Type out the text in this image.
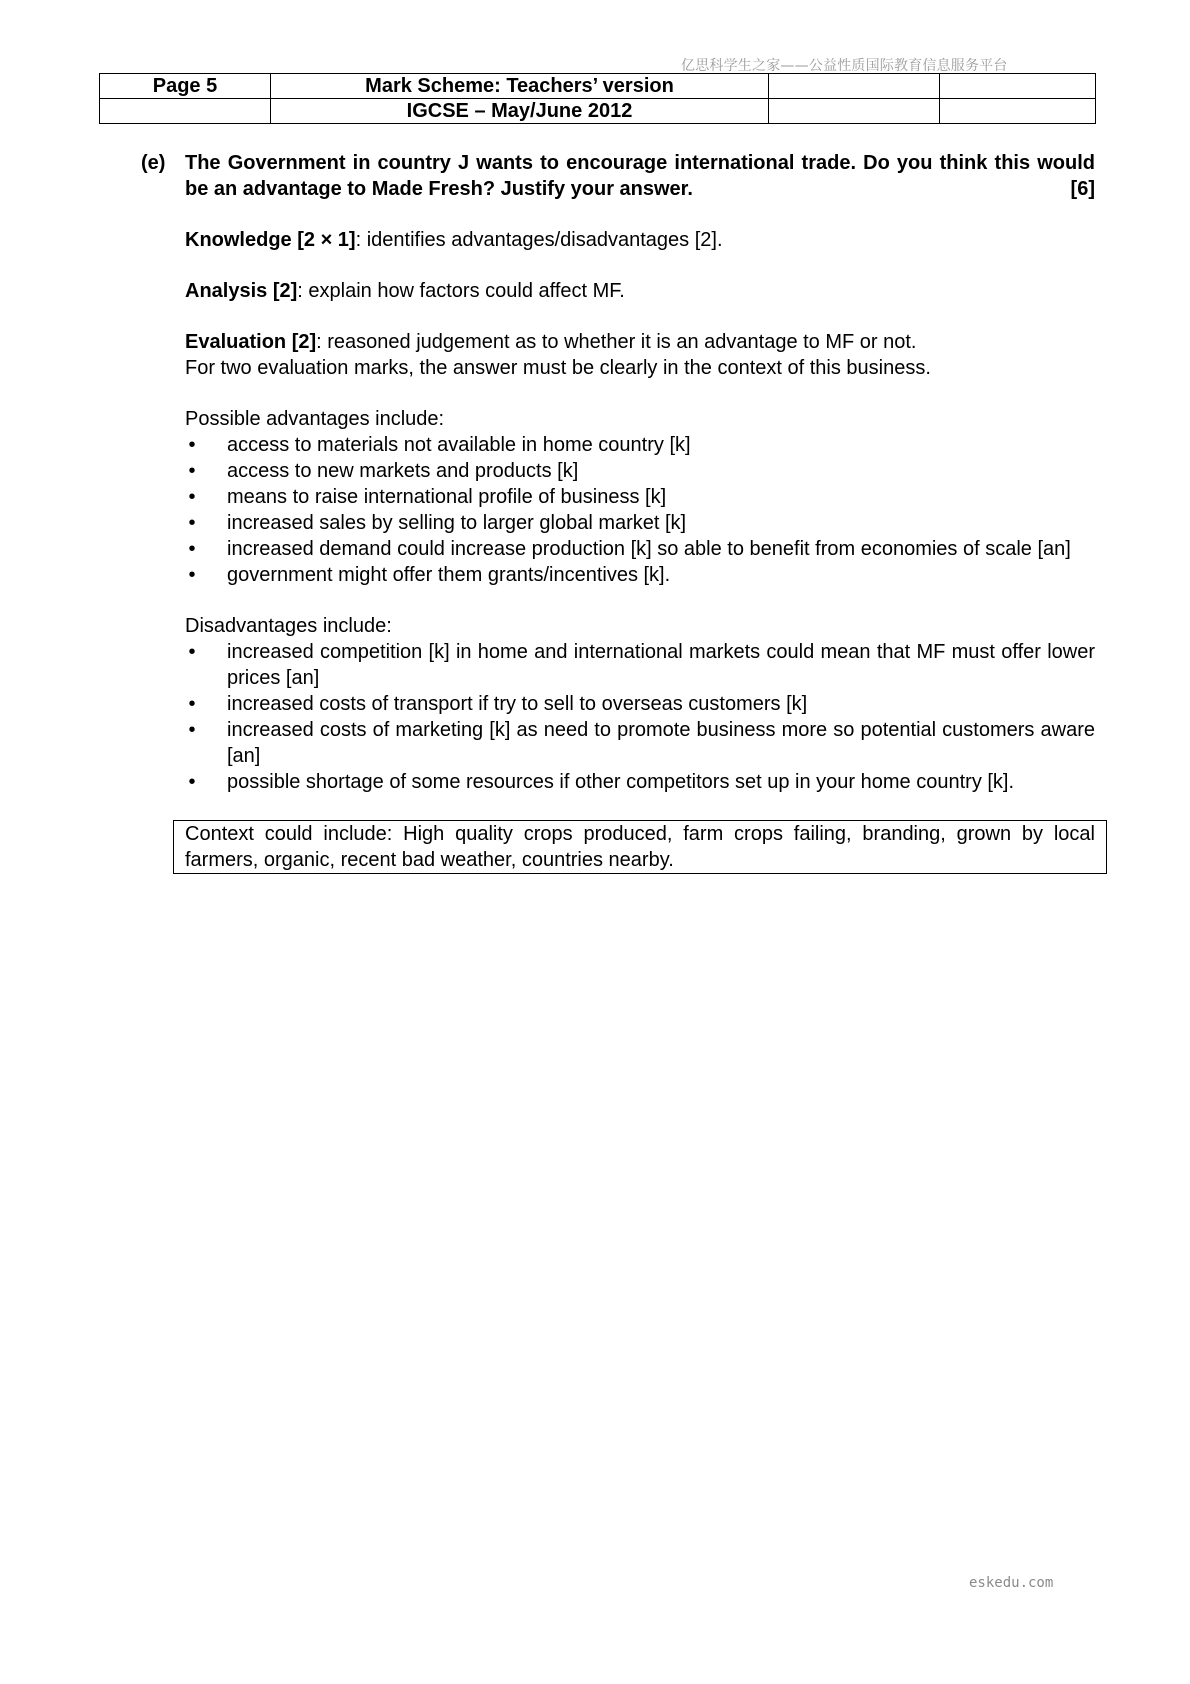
亿思科学生之家——公益性质国际教育信息服务平台
Page 5	Mark Scheme: Teachers’ version		
	IGCSE – May/June 2012		
(e) The Government in country J wants to encourage international trade. Do you think this would be an advantage to Made Fresh? Justify your answer.	[6]

Knowledge [2 × 1]: identifies advantages/disadvantages [2].

Analysis [2]: explain how factors could affect MF.

Evaluation [2]: reasoned judgement as to whether it is an advantage to MF or not.

For two evaluation marks, the answer must be clearly in the context of this business.

Possible advantages include:

• access to materials not available in home country [k]
• access to new markets and products [k]
• means to raise international profile of business [k]
• increased sales by selling to larger global market [k]
• increased demand could increase production [k] so able to benefit from economies of scale [an]
• government might offer them grants/incentives [k].

Disadvantages include:

• increased competition [k] in home and international markets could mean that MF must offer lower prices [an]
• increased costs of transport if try to sell to overseas customers [k]
• increased costs of marketing [k] as need to promote business more so potential customers aware [an]
• possible shortage of some resources if other competitors set up in your home country [k].
Context could include: High quality crops produced, farm crops failing, branding, grown by local farmers, organic, recent bad weather, countries nearby.
eskedu.com
